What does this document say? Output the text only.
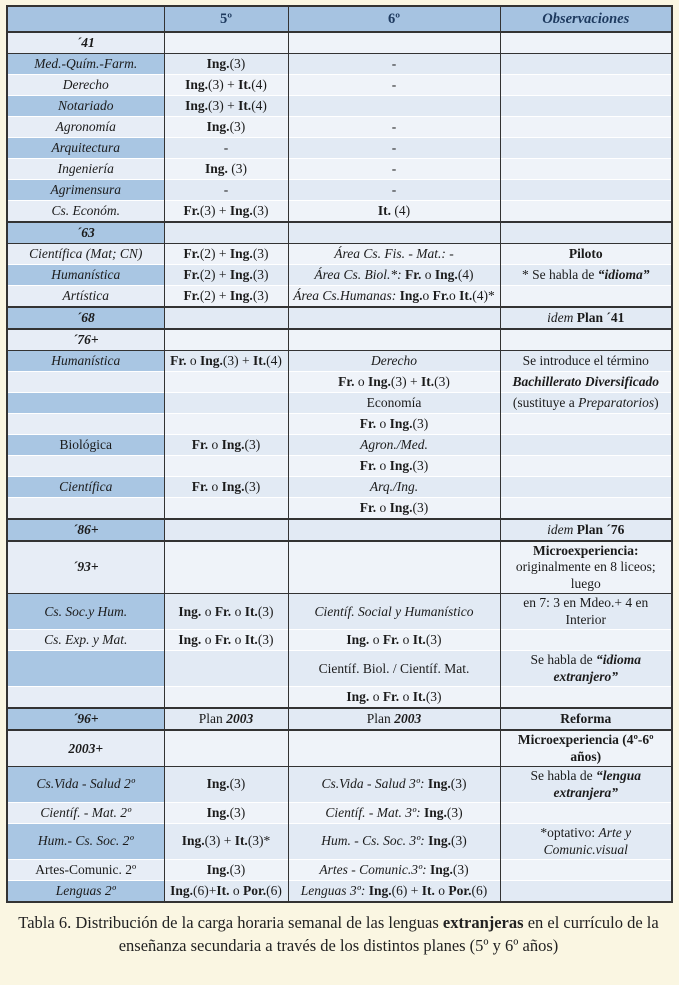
	5º	6º	Observaciones
´41			
Med.-Quím.-Farm.	Ing.(3)	-	
Derecho	Ing.(3) + It.(4)	-	
Notariado	Ing.(3) + It.(4)		
Agronomía	Ing.(3)	-	
Arquitectura	-	-	
Ingeniería	Ing. (3)	-	
Agrimensura	-	-	
Cs. Económ.	Fr.(3) + Ing.(3)	It. (4)	
´63			
Científica (Mat; CN)	Fr.(2) + Ing.(3)	Área Cs. Fis. - Mat.: -	Piloto
Humanística	Fr.(2) + Ing.(3)	Área Cs. Biol.*: Fr. o Ing.(4)	* Se habla de “idioma”
Artística	Fr.(2) + Ing.(3)	Área Cs.Humanas: Ing.o Fr.o It.(4)*	
´68			idem Plan ´41
´76+			
Humanística	Fr. o Ing.(3) + It.(4)	Derecho	Se introduce el término
		Fr. o Ing.(3) + It.(3)	Bachillerato Diversificado
		Economía	(sustituye a Preparatorios)
		Fr. o Ing.(3)	
Biológica	Fr. o Ing.(3)	Agron./Med.	
		Fr. o Ing.(3)	
Científica	Fr. o Ing.(3)	Arq./Ing.	
		Fr. o Ing.(3)	
´86+			idem Plan ´76
´93+			Microexperiencia:
originalmente en 8 liceos; luego
Cs. Soc.y Hum.	Ing. o Fr. o It.(3)	Científ. Social y Humanístico	en 7: 3 en Mdeo.+ 4 en Interior
Cs. Exp. y Mat.	Ing. o Fr. o It.(3)	Ing. o Fr. o It.(3)	
		Científ. Biol. / Científ. Mat.	Se habla de “idioma extranjero”
		Ing. o Fr. o It.(3)	
´96+	Plan 2003	Plan 2003	Reforma
2003+			Microexperiencia (4º-6º años)
Cs.Vida - Salud 2º	Ing.(3)	Cs.Vida - Salud 3º: Ing.(3)	Se habla de “lengua extranjera”
Científ. - Mat. 2º	Ing.(3)	Científ. - Mat. 3º: Ing.(3)	
Hum.- Cs. Soc. 2º	Ing.(3) + It.(3)*	Hum. - Cs. Soc. 3º: Ing.(3)	*optativo: Arte y Comunic.visual
Artes-Comunic. 2º	Ing.(3)	Artes - Comunic.3º: Ing.(3)	
Lenguas 2º	Ing.(6)+It. o Por.(6)	Lenguas 3º: Ing.(6) + It. o Por.(6)	
Tabla 6. Distribución de la carga horaria semanal de las lenguas extranjeras en el currículo de la enseñanza secundaria a través de los distintos planes (5º y 6º años)
